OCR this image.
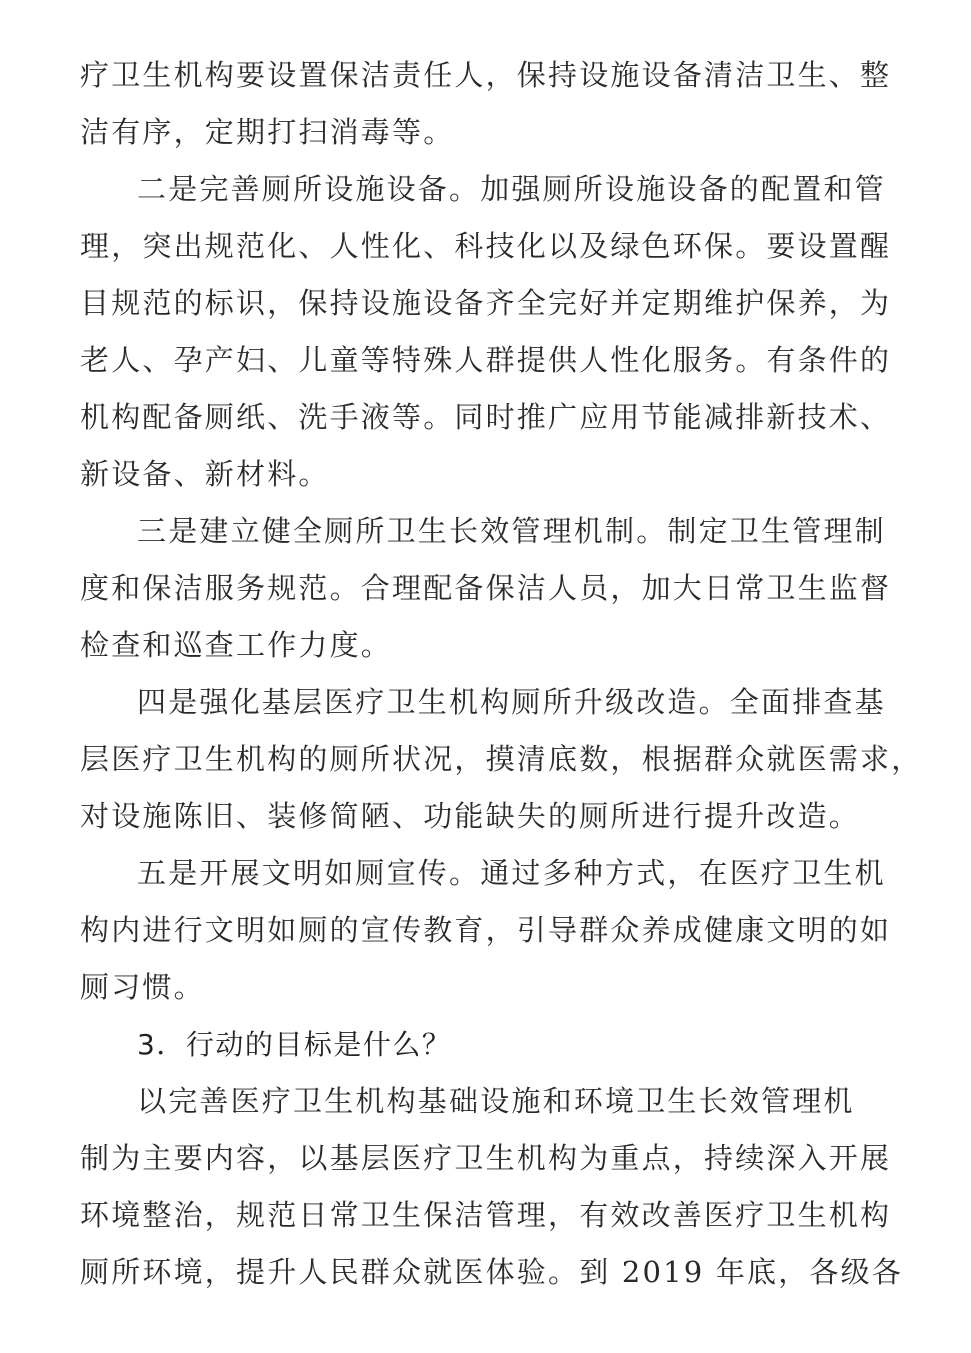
疗卫生机构要设置保洁责任人，保持设施设备清洁卫生、整
洁有序，定期打扫消毒等。
二是完善厕所设施设备。加强厕所设施设备的配置和管
理，突出规范化、人性化、科技化以及绿色环保。要设置醒
目规范的标识，保持设施设备齐全完好并定期维护保养，为
老人、孕产妇、儿童等特殊人群提供人性化服务。有条件的
机构配备厕纸、洗手液等。同时推广应用节能减排新技术、
新设备、新材料。
三是建立健全厕所卫生长效管理机制。制定卫生管理制
度和保洁服务规范。合理配备保洁人员，加大日常卫生监督
检查和巡查工作力度。
四是强化基层医疗卫生机构厕所升级改造。全面排查基
层医疗卫生机构的厕所状况，摸清底数，根据群众就医需求，
对设施陈旧、装修简陋、功能缺失的厕所进行提升改造。
五是开展文明如厕宣传。通过多种方式，在医疗卫生机
构内进行文明如厕的宣传教育，引导群众养成健康文明的如
厕习惯。
3．行动的目标是什么？
以完善医疗卫生机构基础设施和环境卫生长效管理机
制为主要内容，以基层医疗卫生机构为重点，持续深入开展
环境整治，规范日常卫生保洁管理，有效改善医疗卫生机构
厕所环境，提升人民群众就医体验。到 2019 年底，各级各
